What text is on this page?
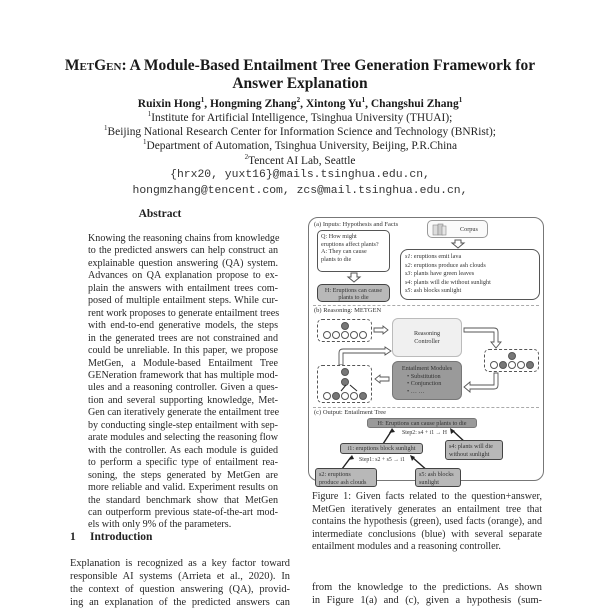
MetGen: A Module-Based Entailment Tree Generation Framework for
Answer Explanation
Ruixin Hong$^1$, Hongming Zhang$^2$, Xintong Yu$^1$, Changshui Zhang$^1$
$^1$Institute for Artificial Intelligence, Tsinghua University (THUAI);
$^1$Beijing National Research Center for Information Science and Technology (BNRist);
$^1$Department of Automation, Tsinghua University, Beijing, P.R.China
$^2$Tencent AI Lab, Seattle
{hrx20, yuxt16}@mails.tsinghua.edu.cn,
hongmzhang@tencent.com, zcs@mail.tsinghua.edu.cn,
Abstract
Knowing the reasoning chains from knowledge
to the predicted answers can help construct an
explainable question answering (QA) system.
Advances on QA explanation propose to ex-
plain the answers with entailment trees com-
posed of multiple entailment steps. While cur-
rent work proposes to generate entailment trees
with end-to-end generative models, the steps
in the generated trees are not constrained and
could be unreliable. In this paper, we propose
MetGen, a Module-based Entailment Tree
GENeration framework that has multiple mod-
ules and a reasoning controller. Given a ques-
tion and several supporting knowledge, Met-
Gen can iteratively generate the entailment tree
by conducting single-step entailment with sep-
arate modules and selecting the reasoning flow
with the controller. As each module is guided
to perform a specific type of entailment rea-
soning, the steps generated by MetGen are
more reliable and valid. Experiment results on
the standard benchmark show that MetGen
can outperform previous state-of-the-art mod-
els with only 9% of the parameters.
1 Introduction
Explanation is recognized as a key factor toward
responsible AI systems (Arrieta et al., 2020). In
the context of question answering (QA), provid-
ing an explanation of the predicted answers can
(a) Inputs: Hypothesis and Facts
Q: How might
eruptions affect plants?
A: They can cause
plants to die
H: Eruptions can cause
plants to die
Corpus
s1: eruptions emit lava
s2: eruptions produce ash clouds
s3: plants have green leaves
s4: plants will die without sunlight
s5: ash blocks sunlight
(b) Reasoning: METGEN
Reasoning
Controller
Entailment Modules
• Substitution
• Conjunction
• … …
(c) Output: Entailment Tree
H: Eruptions can cause plants to die
Step2: s4 + i1 → H
i1: eruptions block sunlight	s4: plants will die
without sunlight
Step1: s2 + s5 → i1
s2: eruptions
produce ash clouds
s5: ash blocks
sunlight
Figure 1: Given facts related to the question+answer,
MetGen iteratively generates an entailment tree that
contains the hypothesis (green), used facts (orange), and
intermediate conclusions (blue) with several separate
entailment modules and a reasoning controller.
from the knowledge to the predictions. As shown
in Figure 1(a) and (c), given a hypothesis (sum-
